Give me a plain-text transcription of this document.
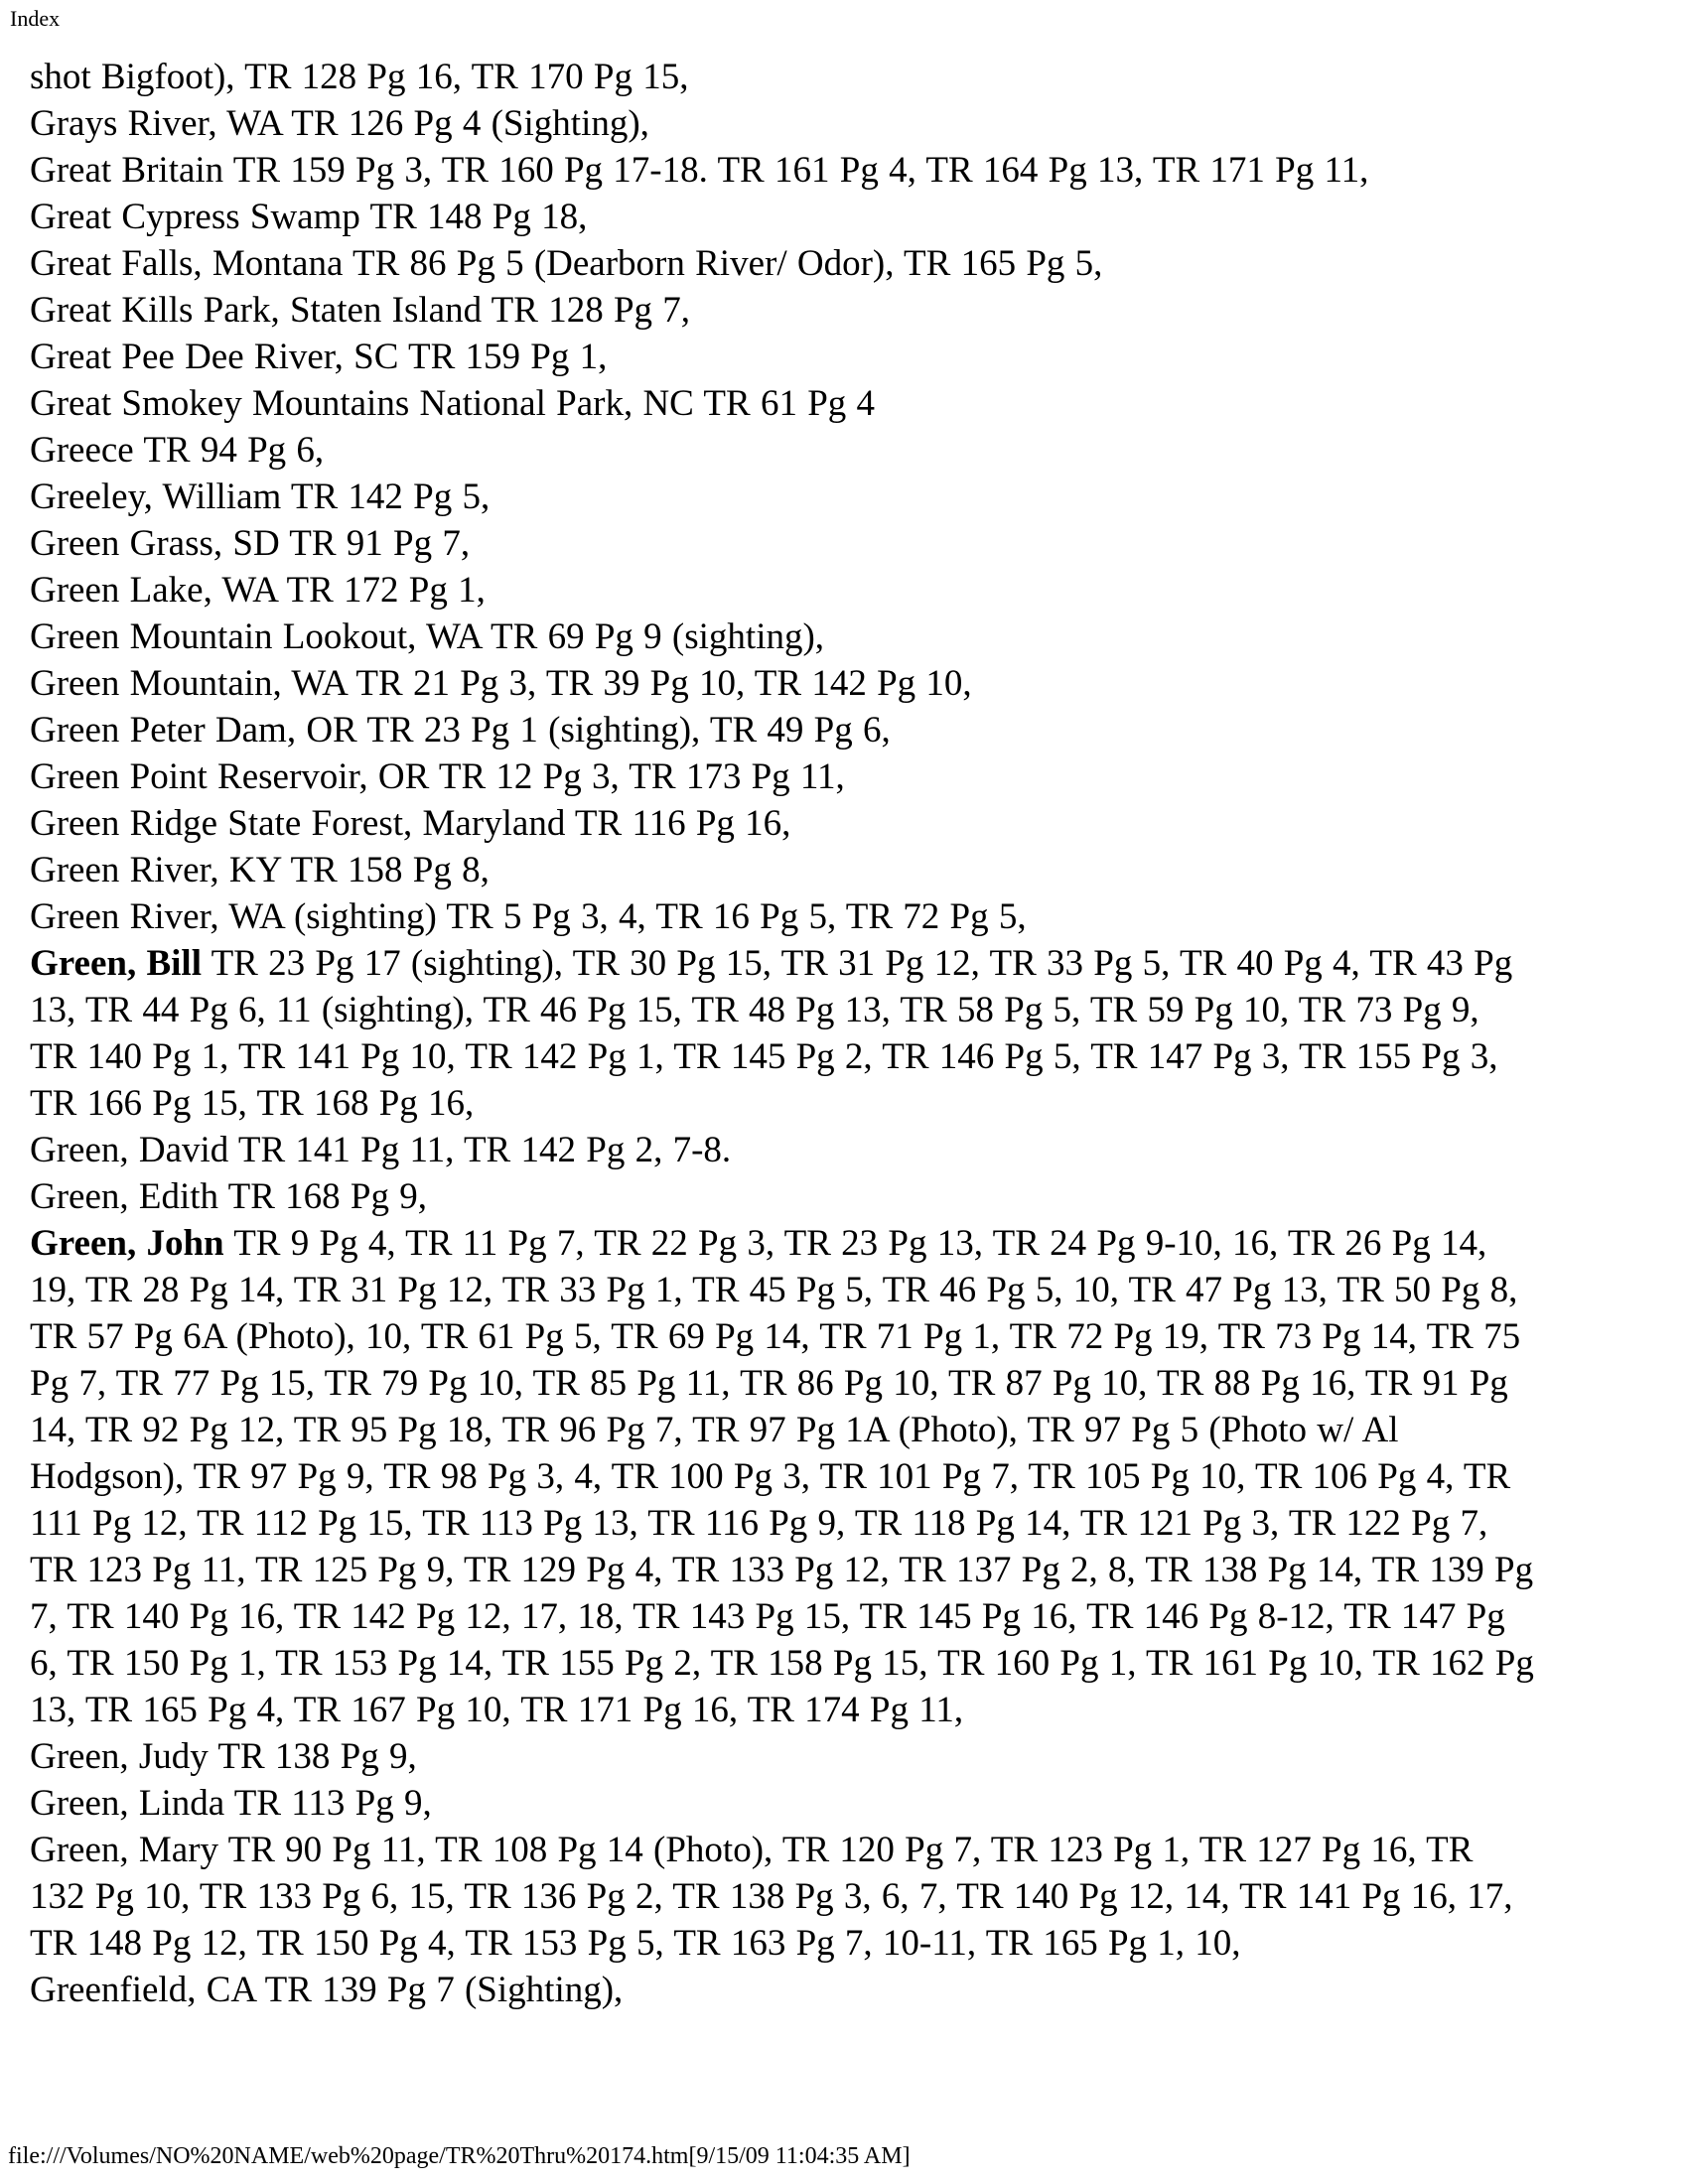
Index

shot Bigfoot), TR 128 Pg 16, TR 170 Pg 15,

Grays River, WA TR 126 Pg 4 (Sighting),

Great Britain TR 159 Pg 3, TR 160 Pg 17-18. TR 161 Pg 4, TR 164 Pg 13, TR 171 Pg 11,

Great Cypress Swamp TR 148 Pg 18,

Great Falls, Montana TR 86 Pg 5 (Dearborn River/ Odor), TR 165 Pg 5,

Great Kills Park, Staten Island TR 128 Pg 7,

Great Pee Dee River, SC TR 159 Pg 1,

Great Smokey Mountains National Park, NC TR 61 Pg 4

Greece TR 94 Pg 6,

Greeley, William TR 142 Pg 5,

Green Grass, SD TR 91 Pg 7,

Green Lake, WA TR 172 Pg 1,

Green Mountain Lookout, WA TR 69 Pg 9 (sighting),

Green Mountain, WA TR 21 Pg 3, TR 39 Pg 10, TR 142 Pg 10,

Green Peter Dam, OR TR 23 Pg 1 (sighting), TR 49 Pg 6,

Green Point Reservoir, OR TR 12 Pg 3, TR 173 Pg 11,

Green Ridge State Forest, Maryland TR 116 Pg 16,

Green River, KY TR 158 Pg 8,

Green River, WA (sighting) TR 5 Pg 3, 4, TR 16 Pg 5, TR 72 Pg 5,

Green, Bill TR 23 Pg 17 (sighting), TR 30 Pg 15, TR 31 Pg 12, TR 33 Pg 5, TR 40 Pg 4, TR 43 Pg 13, TR 44 Pg 6, 11 (sighting), TR 46 Pg 15, TR 48 Pg 13, TR 58 Pg 5, TR 59 Pg 10, TR 73 Pg 9, TR 140 Pg 1, TR 141 Pg 10, TR 142 Pg 1, TR 145 Pg 2, TR 146 Pg 5, TR 147 Pg 3, TR 155 Pg 3, TR 166 Pg 15, TR 168 Pg 16,

Green, David TR 141 Pg 11, TR 142 Pg 2, 7-8.

Green, Edith TR 168 Pg 9,

Green, John TR 9 Pg 4, TR 11 Pg 7, TR 22 Pg 3, TR 23 Pg 13, TR 24 Pg 9-10, 16, TR 26 Pg 14, 19, TR 28 Pg 14, TR 31 Pg 12, TR 33 Pg 1, TR 45 Pg 5, TR 46 Pg 5, 10, TR 47 Pg 13, TR 50 Pg 8, TR 57 Pg 6A (Photo), 10, TR 61 Pg 5, TR 69 Pg 14, TR 71 Pg 1, TR 72 Pg 19, TR 73 Pg 14, TR 75 Pg 7, TR 77 Pg 15, TR 79 Pg 10, TR 85 Pg 11, TR 86 Pg 10, TR 87 Pg 10, TR 88 Pg 16, TR 91 Pg 14, TR 92 Pg 12, TR 95 Pg 18, TR 96 Pg 7, TR 97 Pg 1A (Photo), TR 97 Pg 5 (Photo w/ Al Hodgson), TR 97 Pg 9, TR 98 Pg 3, 4, TR 100 Pg 3, TR 101 Pg 7, TR 105 Pg 10, TR 106 Pg 4, TR 111 Pg 12, TR 112 Pg 15, TR 113 Pg 13, TR 116 Pg 9, TR 118 Pg 14, TR 121 Pg 3, TR 122 Pg 7, TR 123 Pg 11, TR 125 Pg 9, TR 129 Pg 4, TR 133 Pg 12, TR 137 Pg 2, 8, TR 138 Pg 14, TR 139 Pg 7, TR 140 Pg 16, TR 142 Pg 12, 17, 18, TR 143 Pg 15, TR 145 Pg 16, TR 146 Pg 8-12, TR 147 Pg 6, TR 150 Pg 1, TR 153 Pg 14, TR 155 Pg 2, TR 158 Pg 15, TR 160 Pg 1, TR 161 Pg 10, TR 162 Pg 13, TR 165 Pg 4, TR 167 Pg 10, TR 171 Pg 16, TR 174 Pg 11,

Green, Judy TR 138 Pg 9,

Green, Linda TR 113 Pg 9,

Green, Mary TR 90 Pg 11, TR 108 Pg 14 (Photo), TR 120 Pg 7, TR 123 Pg 1, TR 127 Pg 16, TR 132 Pg 10, TR 133 Pg 6, 15, TR 136 Pg 2, TR 138 Pg 3, 6, 7, TR 140 Pg 12, 14, TR 141 Pg 16, 17, TR 148 Pg 12, TR 150 Pg 4, TR 153 Pg 5, TR 163 Pg 7, 10-11, TR 165 Pg 1, 10,

Greenfield, CA TR 139 Pg 7 (Sighting),

file:///Volumes/NO%20NAME/web%20page/TR%20Thru%20174.htm[9/15/09 11:04:35 AM]
